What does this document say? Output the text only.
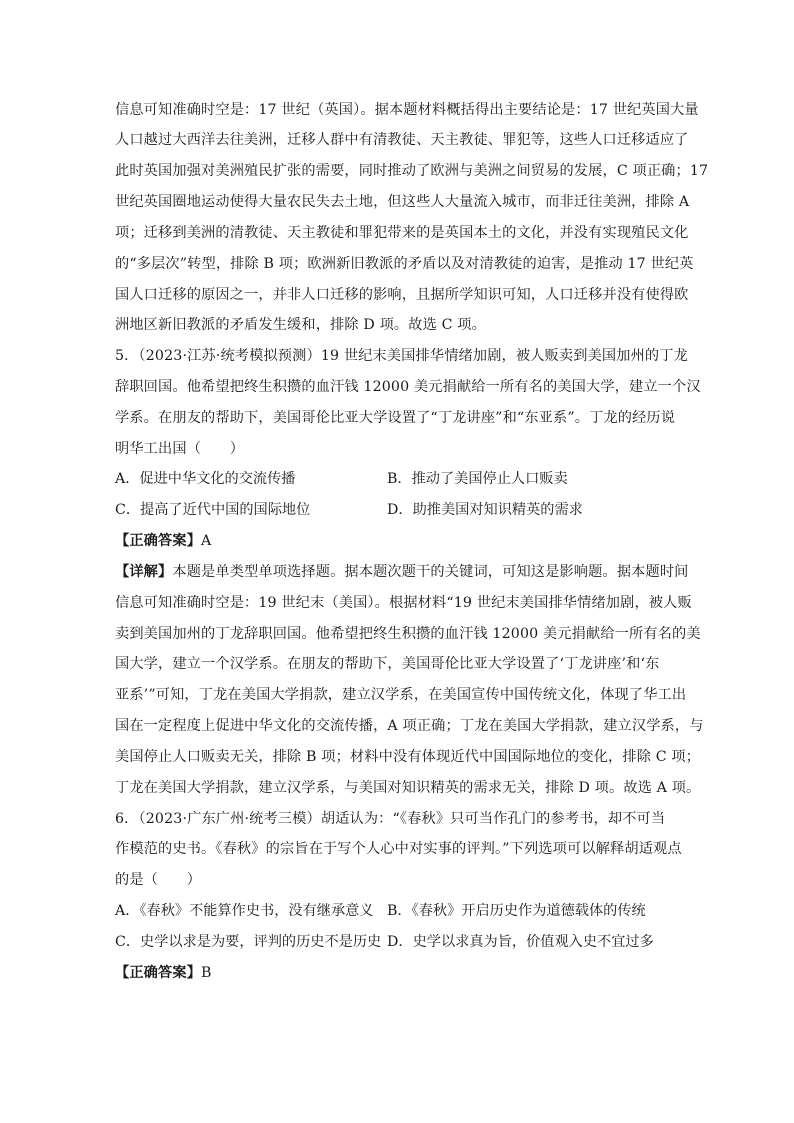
信息可知准确时空是：17 世纪（英国）。据本题材料概括得出主要结论是：17 世纪英国大量
人口越过大西洋去往美洲，迁移人群中有清教徒、天主教徒、罪犯等，这些人口迁移适应了
此时英国加强对美洲殖民扩张的需要，同时推动了欧洲与美洲之间贸易的发展，C 项正确；17
世纪英国圈地运动使得大量农民失去土地，但这些人大量流入城市，而非迁往美洲，排除 A
项；迁移到美洲的清教徒、天主教徒和罪犯带来的是英国本土的文化，并没有实现殖民文化
的“多层次”转型，排除 B 项；欧洲新旧教派的矛盾以及对清教徒的迫害，是推动 17 世纪英
国人口迁移的原因之一，并非人口迁移的影响，且据所学知识可知，人口迁移并没有使得欧
洲地区新旧教派的矛盾发生缓和，排除 D 项。故选 C 项。
5．（2023·江苏·统考模拟预测）19 世纪末美国排华情绪加剧，被人贩卖到美国加州的丁龙
辞职回国。他希望把终生积攒的血汗钱 12000 美元捐献给一所有名的美国大学，建立一个汉
学系。在朋友的帮助下，美国哥伦比亚大学设置了“丁龙讲座”和“东亚系”。丁龙的经历说
明华工出国（　　）
A．促进中华文化的交流传播	B．推动了美国停止人口贩卖
C．提高了近代中国的国际地位	D．助推美国对知识精英的需求
【正确答案】A
【详解】本题是单类型单项选择题。据本题次题干的关键词，可知这是影响题。据本题时间
信息可知准确时空是：19 世纪末（美国）。根据材料“19 世纪末美国排华情绪加剧，被人贩
卖到美国加州的丁龙辞职回国。他希望把终生积攒的血汗钱 12000 美元捐献给一所有名的美
国大学，建立一个汉学系。在朋友的帮助下，美国哥伦比亚大学设置了‘丁龙讲座’和‘东
亚系’”可知，丁龙在美国大学捐款，建立汉学系，在美国宣传中国传统文化，体现了华工出
国在一定程度上促进中华文化的交流传播，A 项正确；丁龙在美国大学捐款，建立汉学系，与
美国停止人口贩卖无关，排除 B 项；材料中没有体现近代中国国际地位的变化，排除 C 项；
丁龙在美国大学捐款，建立汉学系，与美国对知识精英的需求无关，排除 D 项。故选 A 项。
6．（2023·广东广州·统考三模）胡适认为：“《春秋》只可当作孔门的参考书，却不可当
作模范的史书。《春秋》的宗旨在于写个人心中对实事的评判。”下列选项可以解释胡适观点
的是（　　）
A．《春秋》不能算作史书，没有继承意义 B．《春秋》开启历史作为道德载体的传统
C．史学以求是为要，评判的历史不是历史 D．史学以求真为旨，价值观入史不宜过多
【正确答案】B
